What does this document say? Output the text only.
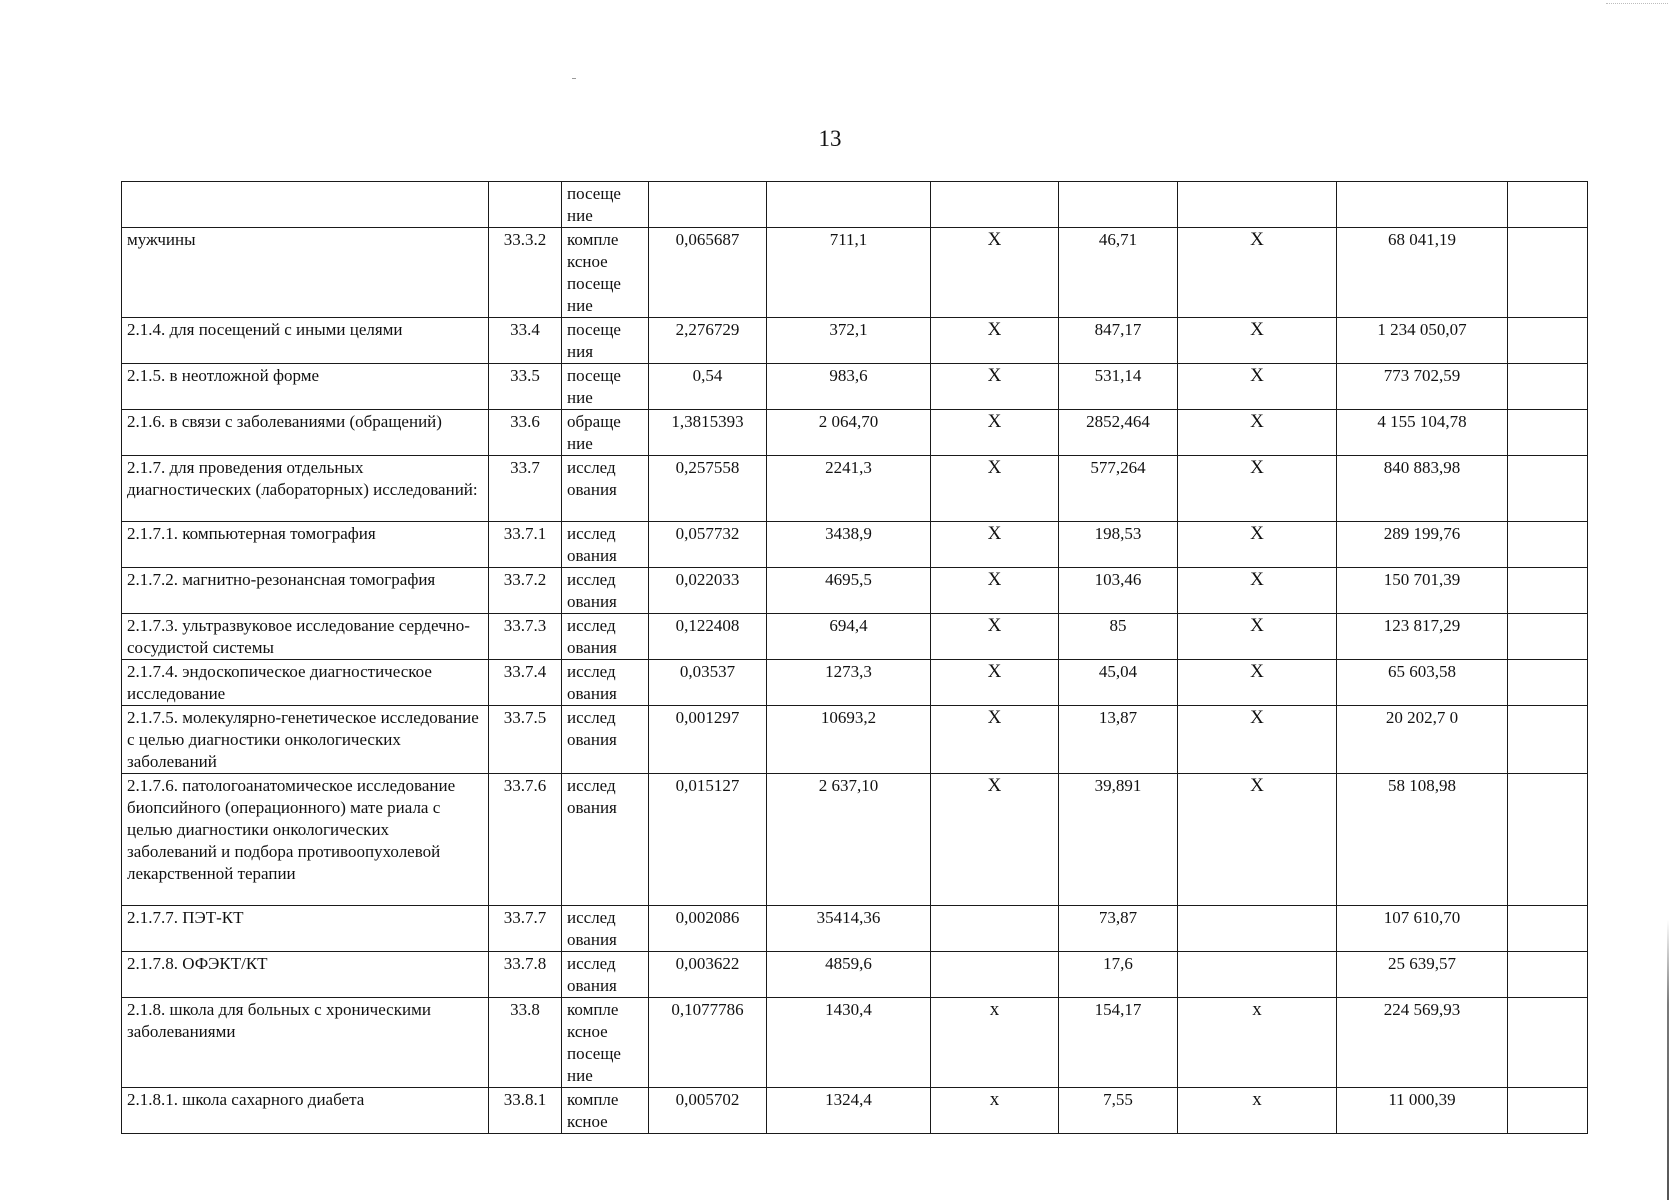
13
		посеще ние							
мужчины	33.3.2	компле ксное посеще ние	0,065687	711,1	X	46,71	X	68 041,19	
2.1.4. для посещений с иными целями	33.4	посеще ния	2,276729	372,1	X	847,17	X	1 234 050,07	
2.1.5. в неотложной форме	33.5	посеще ние	0,54	983,6	X	531,14	X	773 702,59	
2.1.6. в связи с заболеваниями (обращений)	33.6	обраще ние	1,3815393	2 064,70	X	2852,464	X	4 155 104,78	
2.1.7. для проведения отдельных диагностических (лабораторных) исследований:	33.7	исслед ования	0,257558	2241,3	X	577,264	X	840 883,98	
2.1.7.1. компьютерная томография	33.7.1	исслед ования	0,057732	3438,9	X	198,53	X	289 199,76	
2.1.7.2. магнитно-резонансная томография	33.7.2	исслед ования	0,022033	4695,5	X	103,46	X	150 701,39	
2.1.7.3. ультразвуковое исследование сердечно-сосудистой системы	33.7.3	исслед ования	0,122408	694,4	X	85	X	123 817,29	
2.1.7.4. эндоскопическое диагностическое исследование	33.7.4	исслед ования	0,03537	1273,3	X	45,04	X	65 603,58	
2.1.7.5. молекулярно-генетическое исследование с целью диагностики онкологических заболеваний	33.7.5	исслед ования	0,001297	10693,2	X	13,87	X	20 202,7 0	
2.1.7.6. патологоанатомическое исследование биопсийного (операционного) мате риала с целью диагностики онкологических заболеваний и подбора противоопухолевой лекарственной терапии	33.7.6	исслед ования	0,015127	2 637,10	X	39,891	X	58 108,98	
2.1.7.7. ПЭТ-КТ	33.7.7	исслед ования	0,002086	35414,36		73,87		107 610,70	
2.1.7.8. ОФЭКТ/КТ	33.7.8	исслед ования	0,003622	4859,6		17,6		25 639,57	
2.1.8. школа для больных с хроническими заболеваниями	33.8	компле ксное посеще ние	0,1077786	1430,4	x	154,17	x	224 569,93	
2.1.8.1. школа сахарного диабета	33.8.1	компле ксное	0,005702	1324,4	x	7,55	x	11 000,39	
